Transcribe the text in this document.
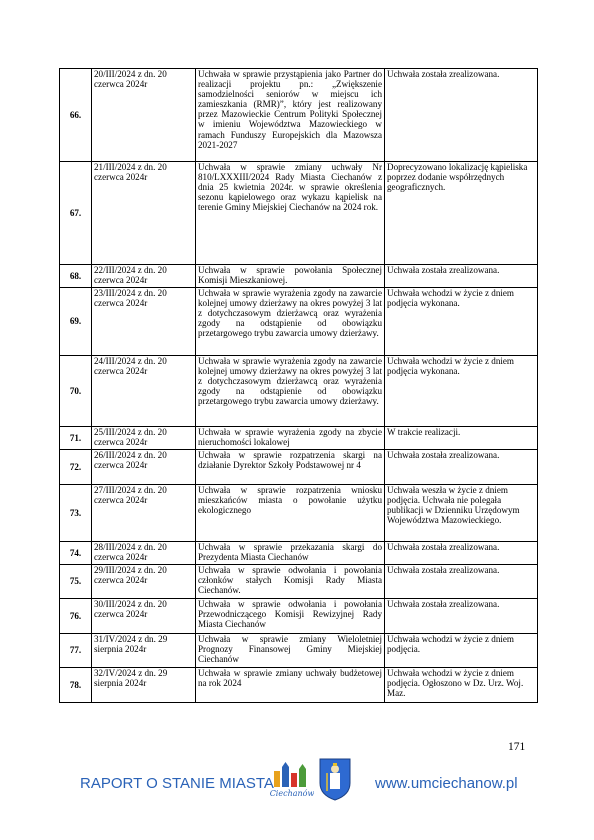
66.	20/III/2024 z dn. 20 czerwca 2024r	Uchwała w sprawie przystąpienia jako Partner do realizacji projektu pn.: „Zwiększenie samodzielności seniorów w miejscu ich zamieszkania (RMR)”, który jest realizowany przez Mazowieckie Centrum Polityki Społecznej w imieniu Województwa Mazowieckiego w ramach Funduszy Europejskich dla Mazowsza 2021-2027	Uchwała została zrealizowana.
67.	21/III/2024 z dn. 20 czerwca 2024r	Uchwała w sprawie zmiany uchwały Nr 810/LXXXIII/2024 Rady Miasta Ciechanów z dnia 25 kwietnia 2024r. w sprawie określenia sezonu kąpielowego oraz wykazu kąpielisk na terenie Gminy Miejskiej Ciechanów na 2024 rok.	Doprecyzowano lokalizację kąpieliska poprzez dodanie współrzędnych geograficznych.
68.	22/III/2024 z dn. 20 czerwca 2024r	Uchwała w sprawie powołania Społecznej Komisji Mieszkaniowej.	Uchwała została zrealizowana.
69.	23/III/2024 z dn. 20 czerwca 2024r	Uchwała w sprawie wyrażenia zgody na zawarcie kolejnej umowy dzierżawy na okres powyżej 3 lat z dotychczasowym dzierżawcą oraz wyrażenia zgody na odstąpienie od obowiązku przetargowego trybu zawarcia umowy dzierżawy.	Uchwała wchodzi w życie z dniem podjęcia wykonana.
70.	24/III/2024 z dn. 20 czerwca 2024r	Uchwała w sprawie wyrażenia zgody na zawarcie kolejnej umowy dzierżawy na okres powyżej 3 lat z dotychczasowym dzierżawcą oraz wyrażenia zgody na odstąpienie od obowiązku przetargowego trybu zawarcia umowy dzierżawy.	Uchwała wchodzi w życie z dniem podjęcia wykonana.
71.	25/III/2024 z dn. 20 czerwca 2024r	Uchwała w sprawie wyrażenia zgody na zbycie nieruchomości lokalowej	W trakcie realizacji.
72.	26/III/2024 z dn. 20 czerwca 2024r	Uchwała w sprawie rozpatrzenia skargi na działanie Dyrektor Szkoły Podstawowej nr 4	Uchwała została zrealizowana.
73.	27/III/2024 z dn. 20 czerwca 2024r	Uchwała w sprawie rozpatrzenia wniosku mieszkańców miasta o powołanie użytku ekologicznego	Uchwała weszła w życie z dniem podjęcia. Uchwała nie polegała publikacji w Dzienniku Urzędowym Województwa Mazowieckiego.
74.	28/III/2024 z dn. 20 czerwca 2024r	Uchwała w sprawie przekazania skargi do Prezydenta Miasta Ciechanów	Uchwała została zrealizowana.
75.	29/III/2024 z dn. 20 czerwca 2024r	Uchwała w sprawie odwołania i powołania członków stałych Komisji Rady Miasta Ciechanów.	Uchwała została zrealizowana.
76.	30/III/2024 z dn. 20 czerwca 2024r	Uchwała w sprawie odwołania i powołania Przewodniczącego Komisji Rewizyjnej Rady Miasta Ciechanów	Uchwała została zrealizowana.
77.	31/IV/2024 z dn. 29 sierpnia 2024r	Uchwała w sprawie zmiany Wieloletniej Prognozy Finansowej Gminy Miejskiej Ciechanów	Uchwała wchodzi w życie z dniem podjęcia.
78.	32/IV/2024 z dn. 29 sierpnia 2024r	Uchwała w sprawie zmiany uchwały budżetowej na rok 2024	Uchwała wchodzi w życie z dniem podjęcia. Ogłoszono w Dz. Urz. Woj. Maz.
171
RAPORT O STANIE MIASTA
Ciechanów
www.umciechanow.pl
